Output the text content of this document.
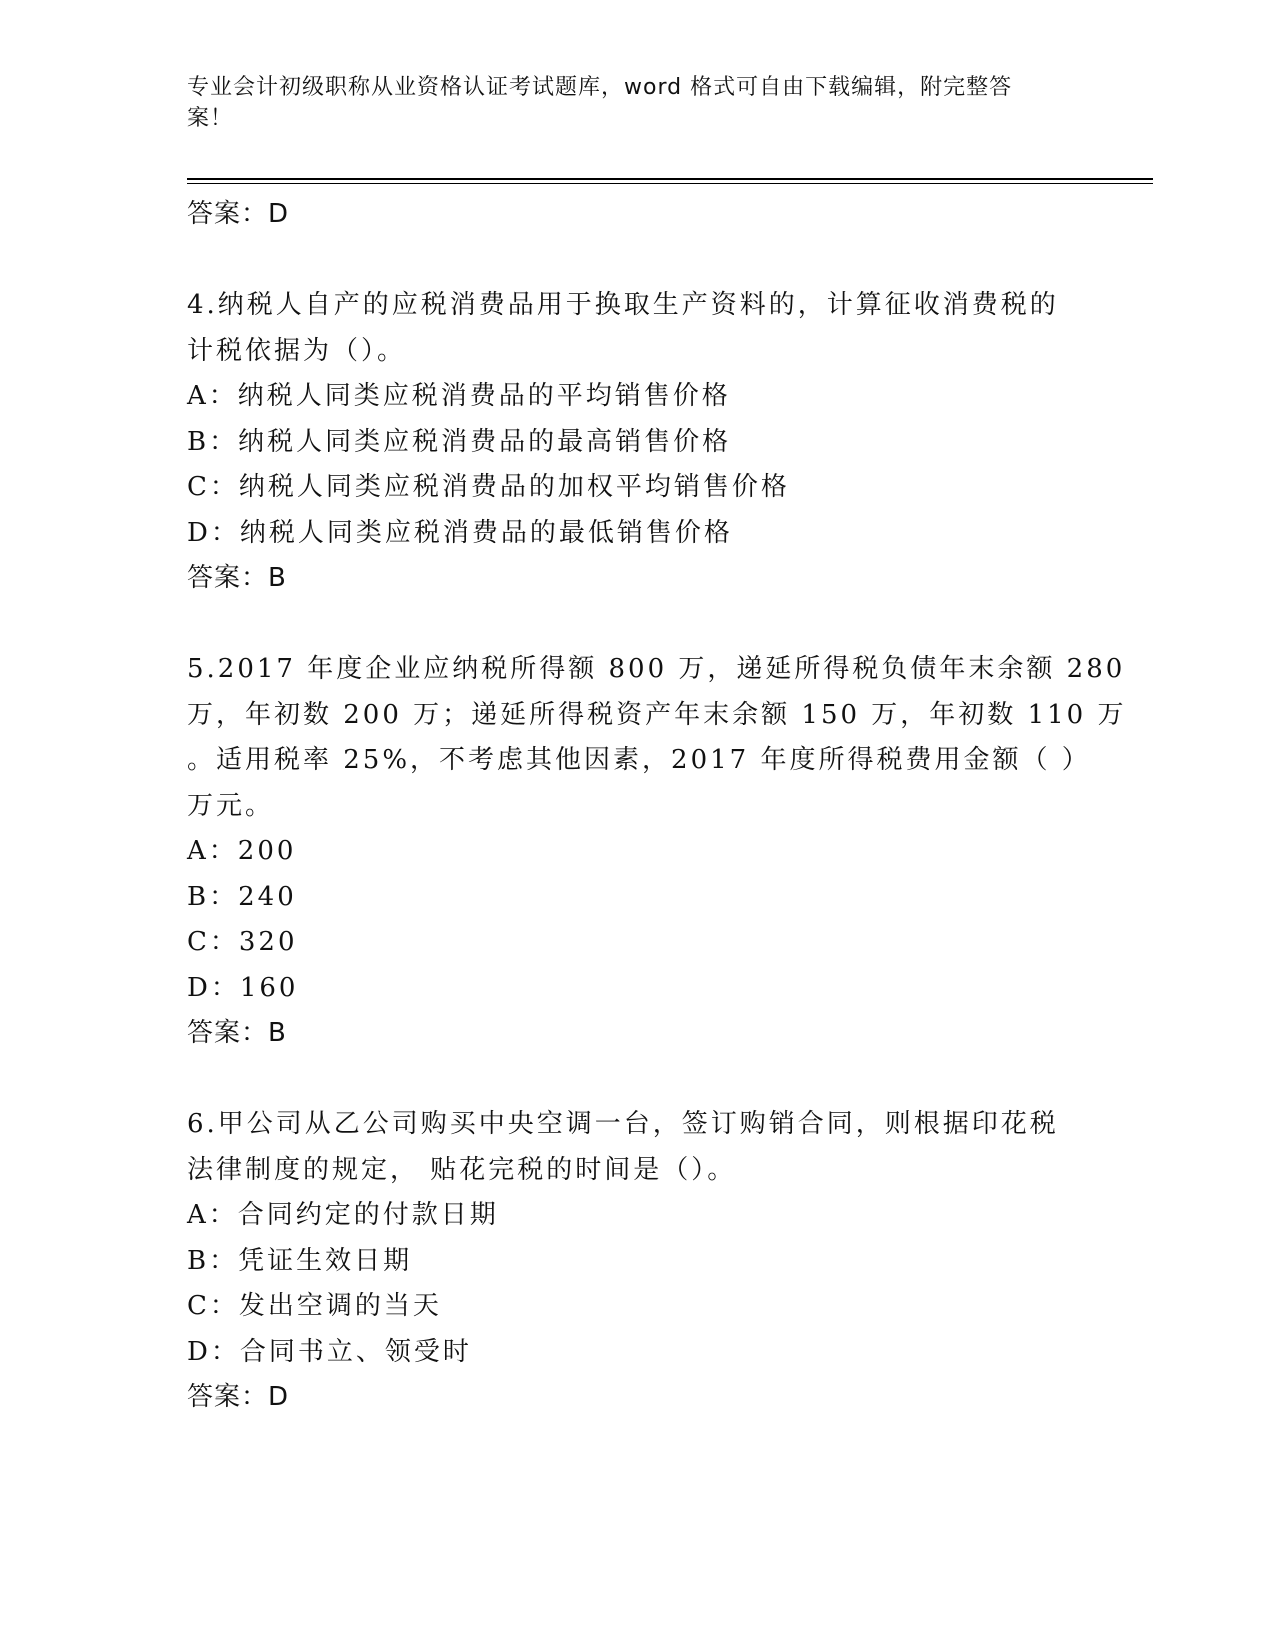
专业会计初级职称从业资格认证考试题库，word 格式可自由下载编辑，附完整答
案！
答案：D
4.纳税人自产的应税消费品用于换取生产资料的，计算征收消费税的
计税依据为（）。
A：纳税人同类应税消费品的平均销售价格
B：纳税人同类应税消费品的最高销售价格
C：纳税人同类应税消费品的加权平均销售价格
D：纳税人同类应税消费品的最低销售价格
答案：B
5.2017 年度企业应纳税所得额 800 万，递延所得税负债年末余额 280
万，年初数 200 万；递延所得税资产年末余额 150 万，年初数 110 万
。适用税率 25%，不考虑其他因素，2017 年度所得税费用金额（ ）
万元。
A：200
B：240
C：320
D：160
答案：B
6.甲公司从乙公司购买中央空调一台，签订购销合同，则根据印花税
法律制度的规定， 贴花完税的时间是（）。
A：合同约定的付款日期
B：凭证生效日期
C：发出空调的当天
D：合同书立、领受时
答案：D
